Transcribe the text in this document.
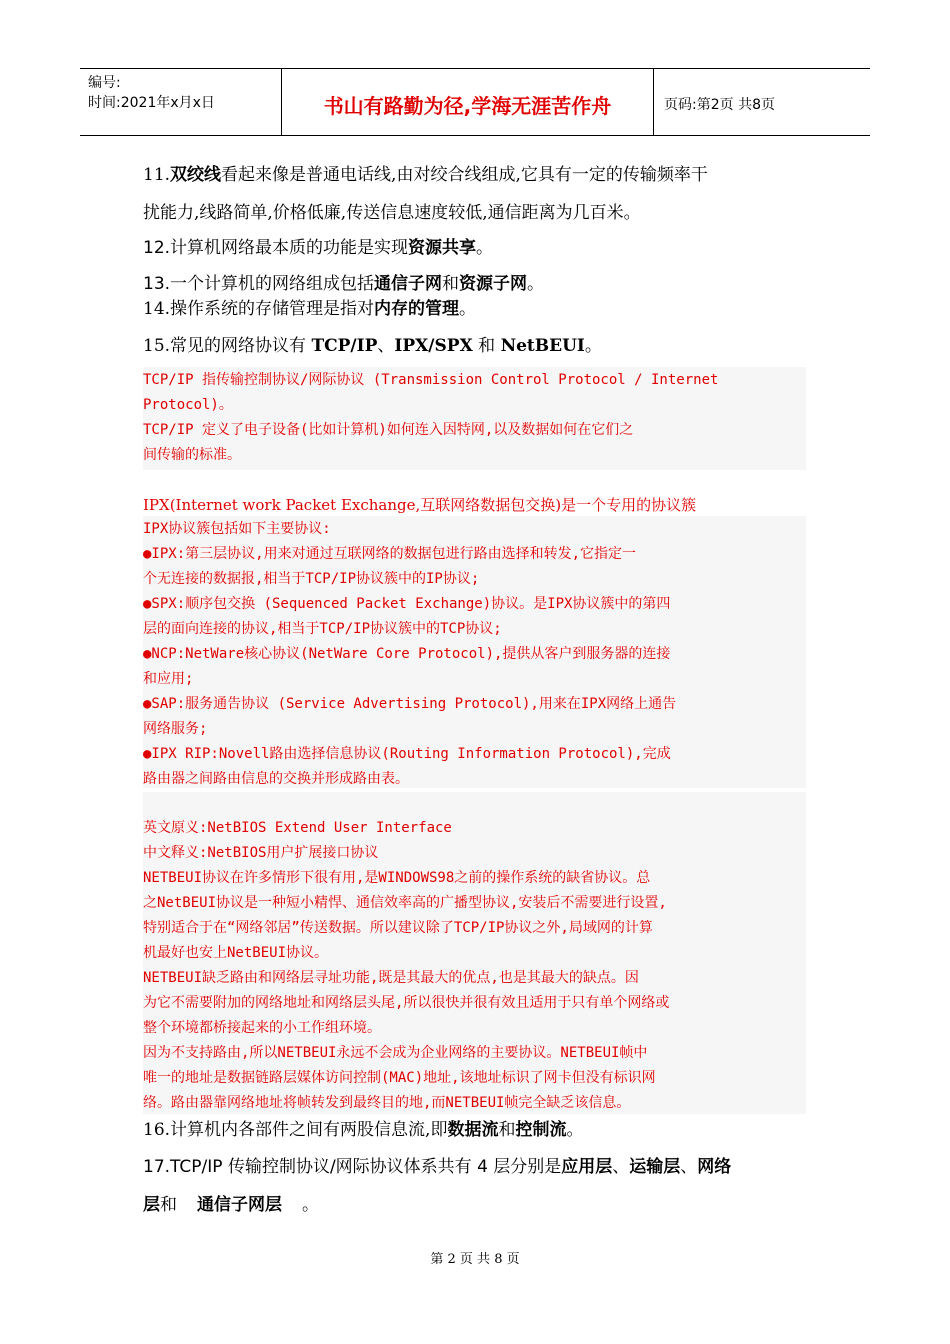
编号:
时间:2021年x月x日	书山有路勤为径,学海无涯苦作舟	页码:第2页 共8页
11.双绞线看起来像是普通电话线,由对绞合线组成,它具有一定的传输频率干
扰能力,线路简单,价格低廉,传送信息速度较低,通信距离为几百米。
12.计算机网络最本质的功能是实现资源共享。
13.一个计算机的网络组成包括通信子网和资源子网。
14.操作系统的存储管理是指对内存的管理。
15.常见的网络协议有 TCP/IP、IPX/SPX 和 NetBEUI。
TCP/IP 指传输控制协议/网际协议 (Transmission Control Protocol / Internet
Protocol)。
TCP/IP 定义了电子设备(比如计算机)如何连入因特网,以及数据如何在它们之
间传输的标准。
IPX(Internet work Packet Exchange,互联网络数据包交换)是一个专用的协议簇
IPX协议簇包括如下主要协议:
●IPX:第三层协议,用来对通过互联网络的数据包进行路由选择和转发,它指定一
个无连接的数据报,相当于TCP/IP协议簇中的IP协议;
●SPX:顺序包交换 (Sequenced Packet Exchange)协议。是IPX协议簇中的第四
层的面向连接的协议,相当于TCP/IP协议簇中的TCP协议;
●NCP:NetWare核心协议(NetWare Core Protocol),提供从客户到服务器的连接
和应用;
●SAP:服务通告协议 (Service Advertising Protocol),用来在IPX网络上通告
网络服务;
●IPX RIP:Novell路由选择信息协议(Routing Information Protocol),完成
路由器之间路由信息的交换并形成路由表。
英文原义:NetBIOS Extend User Interface
中文释义:NetBIOS用户扩展接口协议
NETBEUI协议在许多情形下很有用,是WINDOWS98之前的操作系统的缺省协议。总
之NetBEUI协议是一种短小精悍、通信效率高的广播型协议,安装后不需要进行设置,
特别适合于在“网络邻居”传送数据。所以建议除了TCP/IP协议之外,局域网的计算
机最好也安上NetBEUI协议。
NETBEUI缺乏路由和网络层寻址功能,既是其最大的优点,也是其最大的缺点。因
为它不需要附加的网络地址和网络层头尾,所以很快并很有效且适用于只有单个网络或
整个环境都桥接起来的小工作组环境。
因为不支持路由,所以NETBEUI永远不会成为企业网络的主要协议。NETBEUI帧中
唯一的地址是数据链路层媒体访问控制(MAC)地址,该地址标识了网卡但没有标识网
络。路由器靠网络地址将帧转发到最终目的地,而NETBEUI帧完全缺乏该信息。
16.计算机内各部件之间有两股信息流,即数据流和控制流。
17.TCP/IP 传输控制协议/网际协议体系共有 4 层分别是应用层、运输层、网络
层和 通信子网层 。
第 2 页 共 8 页
